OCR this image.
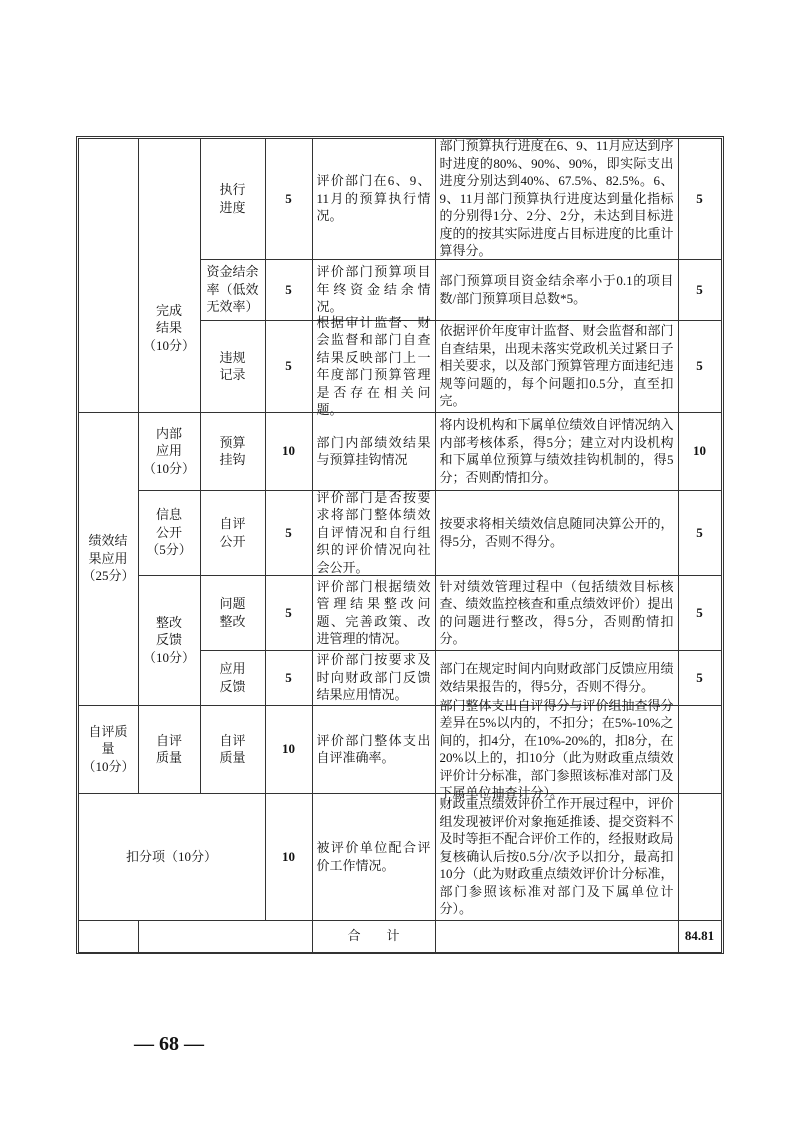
绩效结
果应用
（25分）
自评质
量
（10分）
扣分项（10分）
完成
结果
（10分）
内部
应用
（10分）
信息
公开
（5分）
整改
反馈
（10分）
自评
质量
执行
进度
5
评价部门在6、9、11月的预算执行情况。
部门预算执行进度在6、9、11月应达到序时进度的80%、90%、90%，即实际支出进度分别达到40%、67.5%、82.5%。6、9、11月部门预算执行进度达到量化指标的分别得1分、2分、2分，未达到目标进度的的按其实际进度占目标进度的比重计算得分。
5
资金结余
率（低效
无效率）
5
评价部门预算项目年终资金结余情况。
部门预算项目资金结余率小于0.1的项目数/部门预算项目总数*5。
5
违规
记录
5
根据审计监督、财会监督和部门自查结果反映部门上一年度部门预算管理是否存在相关问题。
依据评价年度审计监督、财会监督和部门自查结果，出现未落实党政机关过紧日子相关要求，以及部门预算管理方面违纪违规等问题的，每个问题扣0.5分，直至扣完。
5
预算
挂钩
10
部门内部绩效结果与预算挂钩情况
将内设机构和下属单位绩效自评情况纳入内部考核体系，得5分；建立对内设机构和下属单位预算与绩效挂钩机制的，得5分；否则酌情扣分。
10
自评
公开
5
评价部门是否按要求将部门整体绩效自评情况和自行组织的评价情况向社会公开。
按要求将相关绩效信息随同决算公开的，得5分，否则不得分。
5
问题
整改
5
评价部门根据绩效管理结果整改问题、完善政策、改进管理的情况。
针对绩效管理过程中（包括绩效目标核查、绩效监控核查和重点绩效评价）提出的问题进行整改，得5分，否则酌情扣分。
5
应用
反馈
5
评价部门按要求及时向财政部门反馈结果应用情况。
部门在规定时间内向财政部门反馈应用绩效结果报告的，得5分，否则不得分。
5
自评
质量
10
评价部门整体支出自评准确率。
部门整体支出自评得分与评价组抽查得分差异在5%以内的，不扣分；在5%-10%之间的，扣4分，在10%-20%的，扣8分，在20%以上的，扣10分（此为财政重点绩效评价计分标准，部门参照该标准对部门及下属单位抽查计分）。
10
被评价单位配合评价工作情况。
财政重点绩效评价工作开展过程中，评价组发现被评价对象拖延推诿、提交资料不及时等拒不配合评价工作的，经报财政局复核确认后按0.5分/次予以扣分，最高扣10分（此为财政重点绩效评价计分标准，部门参照该标准对部门及下属单位计分）。
合　　计	84.81
— 68 —
